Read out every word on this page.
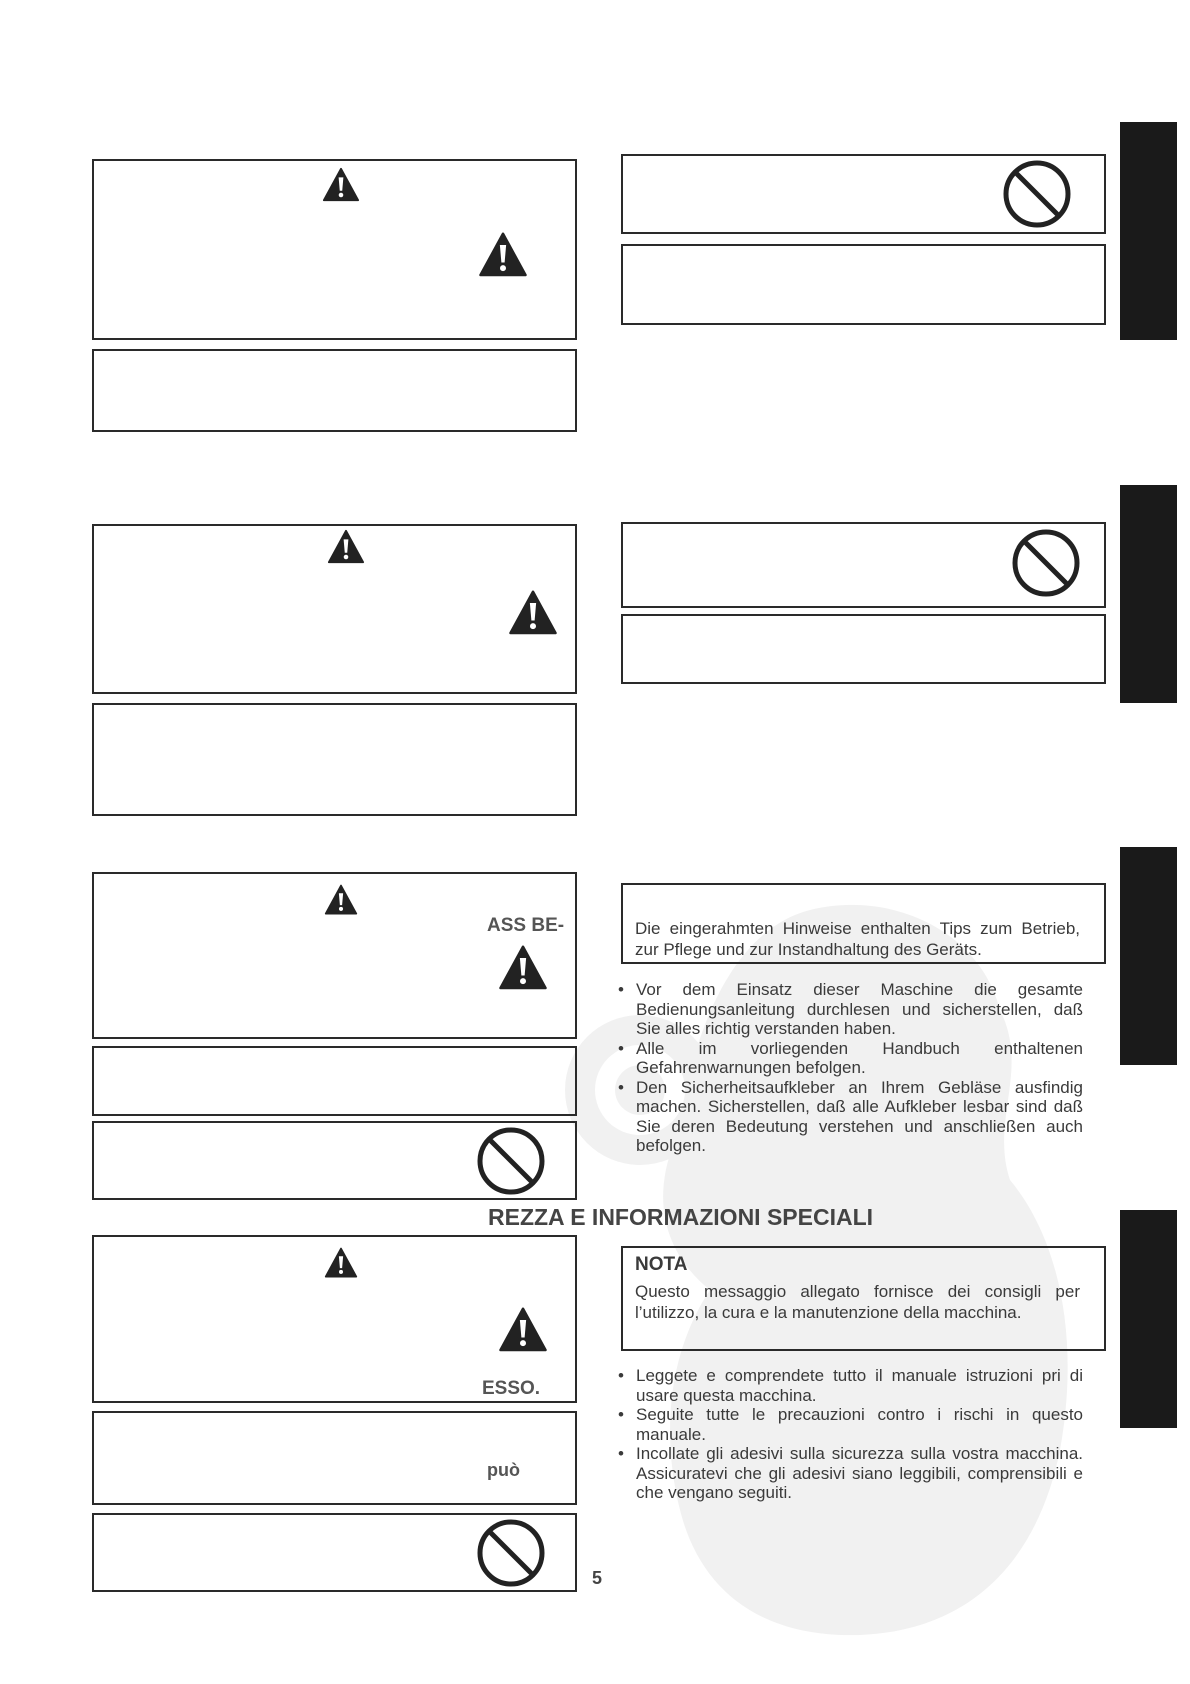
ASS BE-	Die eingerahmten Hinweise enthalten Tips zum Betrieb, zur Pflege und zur Instandhaltung des Geräts.
• Vor dem Einsatz dieser Maschine die gesamte Bedienungsanleitung durchlesen und sicherstellen, daß Sie alles richtig verstanden haben.
• Alle im vorliegenden Handbuch enthaltenen Gefahrenwarnungen befolgen.
• Den Sicherheitsaufkleber an Ihrem Gebläse ausfindig machen. Sicherstellen, daß alle Aufkleber lesbar sind daß Sie deren Bedeutung verstehen und anschließen auch befolgen.
REZZA E INFORMAZIONI SPECIALI
ESSO.
può
NOTA
Questo messaggio allegato fornisce dei consigli per l’utilizzo, la cura e la manutenzione della macchina.
• Leggete e comprendete tutto il manuale istruzioni pri di usare questa macchina.
• Seguite tutte le precauzioni contro i rischi in questo manuale.
• Incollate gli adesivi sulla sicurezza sulla vostra macchina. Assicuratevi che gli adesivi siano leggibili, comprensibili e che vengano seguiti.
5
